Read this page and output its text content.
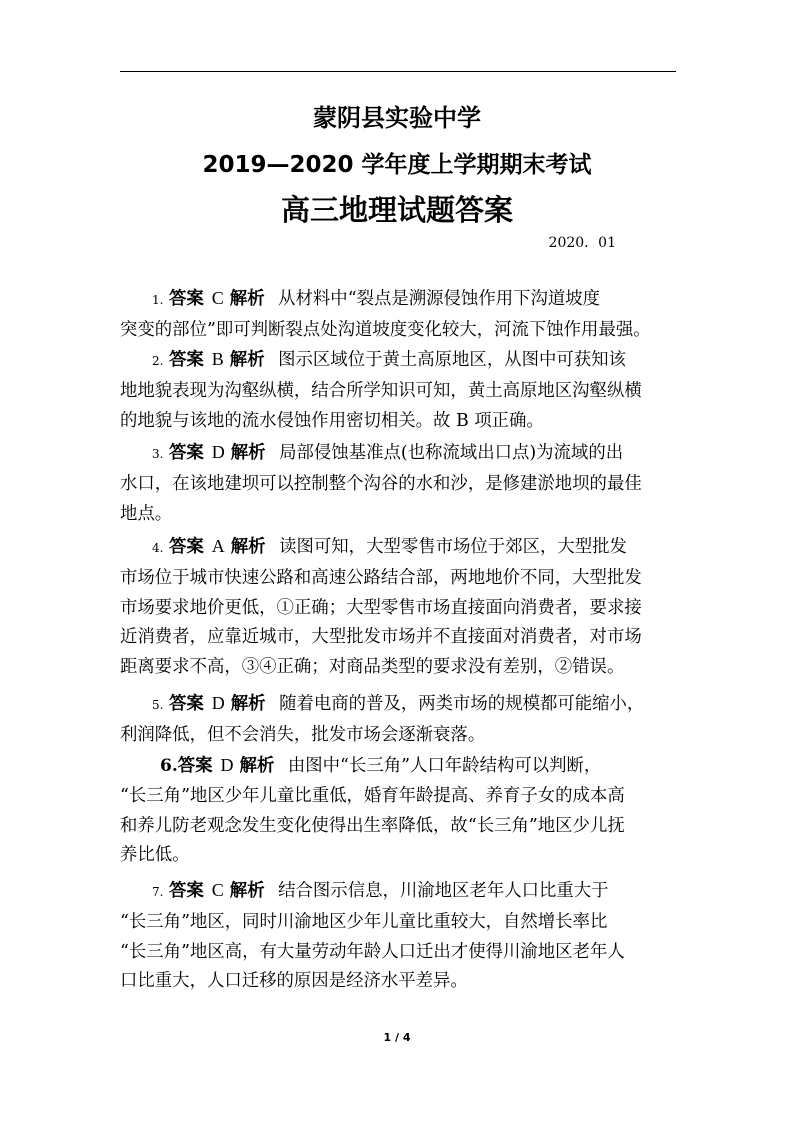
蒙阴县实验中学
2019—2020 学年度上学期期末考试
高三地理试题答案
2020．01

1. 答案 C 解析 从材料中“裂点是溯源侵蚀作用下沟道坡度
突变的部位”即可判断裂点处沟道坡度变化较大，河流下蚀作用最强。

2. 答案 B 解析 图示区域位于黄土高原地区，从图中可获知该
地地貌表现为沟壑纵横，结合所学知识可知，黄土高原地区沟壑纵横
的地貌与该地的流水侵蚀作用密切相关。故 B 项正确。

3. 答案 D 解析 局部侵蚀基准点(也称流域出口点)为流域的出
水口，在该地建坝可以控制整个沟谷的水和沙，是修建淤地坝的最佳
地点。

4. 答案 A 解析 读图可知，大型零售市场位于郊区，大型批发
市场位于城市快速公路和高速公路结合部，两地地价不同，大型批发
市场要求地价更低，①正确；大型零售市场直接面向消费者，要求接
近消费者，应靠近城市，大型批发市场并不直接面对消费者，对市场
距离要求不高，③④正确；对商品类型的要求没有差别，②错误。

5. 答案 D 解析 随着电商的普及，两类市场的规模都可能缩小，
利润降低，但不会消失，批发市场会逐渐衰落。

6.答案 D 解析 由图中“长三角”人口年龄结构可以判断，
“长三角”地区少年儿童比重低，婚育年龄提高、养育子女的成本高
和养儿防老观念发生变化使得出生率降低，故“长三角”地区少儿抚
养比低。

7. 答案 C 解析 结合图示信息，川渝地区老年人口比重大于
“长三角”地区，同时川渝地区少年儿童比重较大，自然增长率比
“长三角”地区高，有大量劳动年龄人口迁出才使得川渝地区老年人
口比重大，人口迁移的原因是经济水平差异。

1 / 4
